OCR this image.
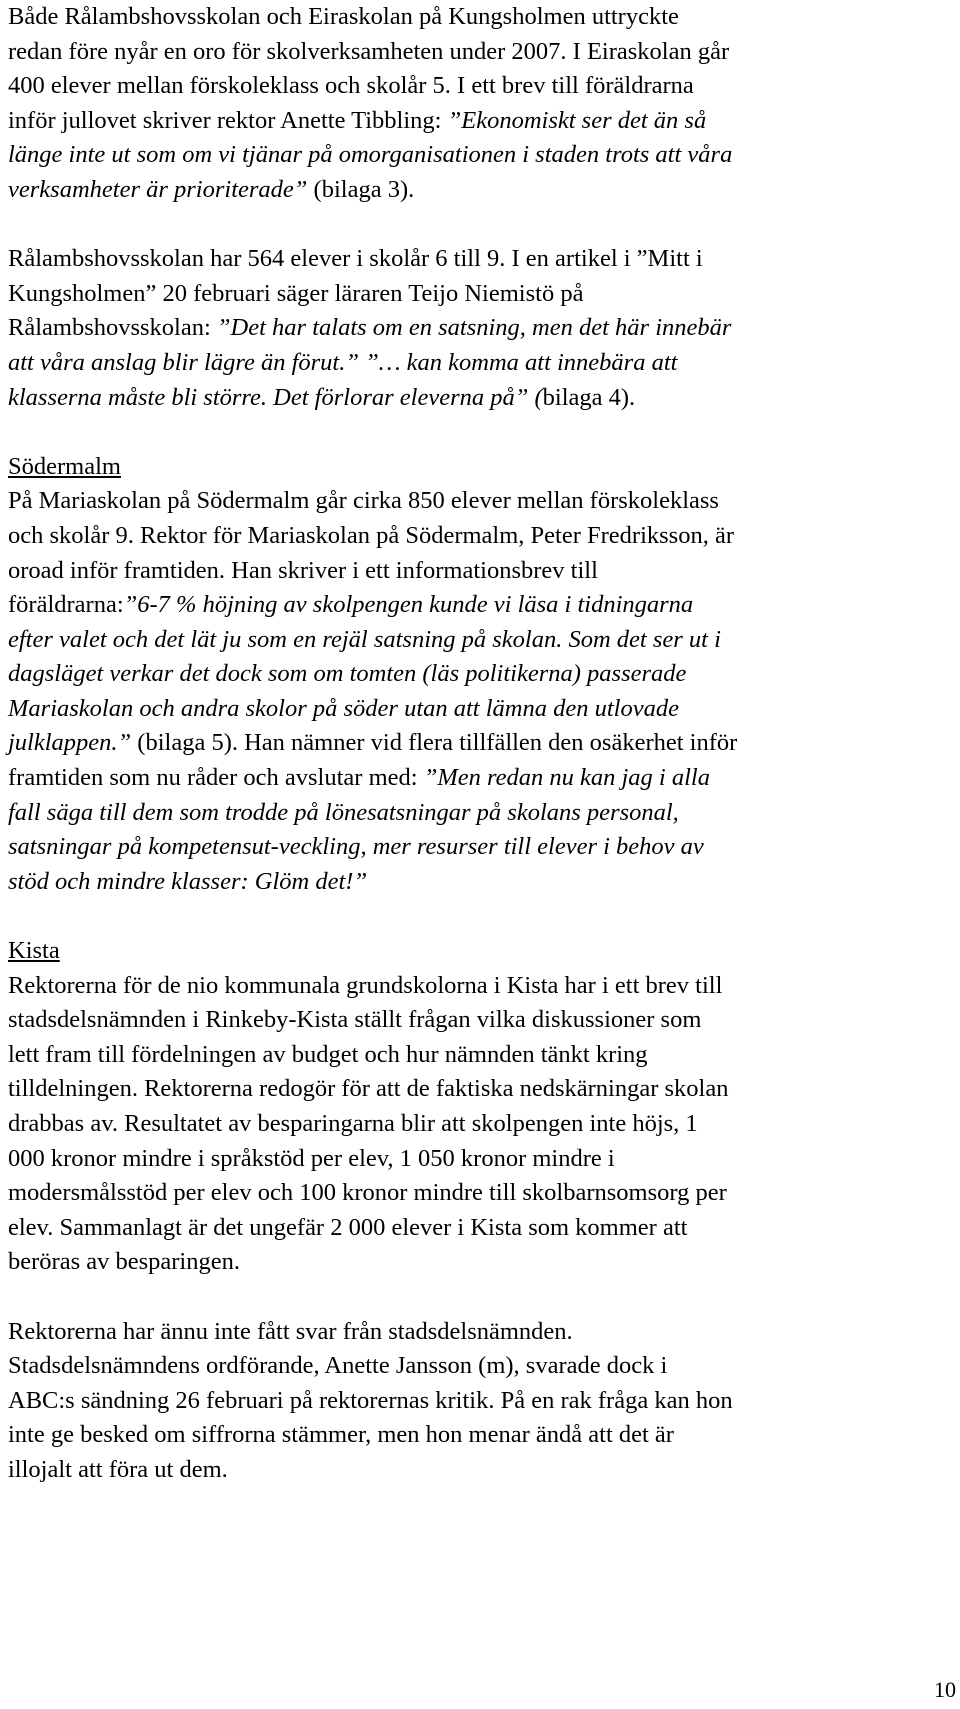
Både Rålambshovsskolan och Eiraskolan på Kungsholmen uttryckte
redan före nyår en oro för skolverksamheten under 2007. I Eiraskolan går
400 elever mellan förskoleklass och skolår 5. I ett brev till föräldrarna
inför jullovet skriver rektor Anette Tibbling: ”Ekonomiskt ser det än så
länge inte ut som om vi tjänar på omorganisationen i staden trots att våra
verksamheter är prioriterade” (bilaga 3).

Rålambshovsskolan har 564 elever i skolår 6 till 9. I en artikel i ”Mitt i
Kungsholmen” 20 februari säger läraren Teijo Niemistö på
Rålambshovsskolan: ”Det har talats om en satsning, men det här innebär
att våra anslag blir lägre än förut.” ”… kan komma att innebära att
klasserna måste bli större. Det förlorar eleverna på” (bilaga 4).

Södermalm
På Mariaskolan på Södermalm går cirka 850 elever mellan förskoleklass
och skolår 9. Rektor för Mariaskolan på Södermalm, Peter Fredriksson, är
oroad inför framtiden. Han skriver i ett informationsbrev till
föräldrarna:”6-7 % höjning av skolpengen kunde vi läsa i tidningarna
efter valet och det lät ju som en rejäl satsning på skolan. Som det ser ut i
dagsläget verkar det dock som om tomten (läs politikerna) passerade
Mariaskolan och andra skolor på söder utan att lämna den utlovade
julklappen.” (bilaga 5). Han nämner vid flera tillfällen den osäkerhet inför
framtiden som nu råder och avslutar med: ”Men redan nu kan jag i alla
fall säga till dem som trodde på lönesatsningar på skolans personal,
satsningar på kompetensut-veckling, mer resurser till elever i behov av
stöd och mindre klasser: Glöm det!”

Kista
Rektorerna för de nio kommunala grundskolorna i Kista har i ett brev till
stadsdelsnämnden i Rinkeby-Kista ställt frågan vilka diskussioner som
lett fram till fördelningen av budget och hur nämnden tänkt kring
tilldelningen. Rektorerna redogör för att de faktiska nedskärningar skolan
drabbas av. Resultatet av besparingarna blir att skolpengen inte höjs, 1
000 kronor mindre i språkstöd per elev, 1 050 kronor mindre i
modersmålsstöd per elev och 100 kronor mindre till skolbarnsomsorg per
elev. Sammanlagt är det ungefär 2 000 elever i Kista som kommer att
beröras av besparingen.

Rektorerna har ännu inte fått svar från stadsdelsnämnden.
Stadsdelsnämndens ordförande, Anette Jansson (m), svarade dock i
ABC:s sändning 26 februari på rektorernas kritik. På en rak fråga kan hon
inte ge besked om siffrorna stämmer, men hon menar ändå att det är
illojalt att föra ut dem.

10
